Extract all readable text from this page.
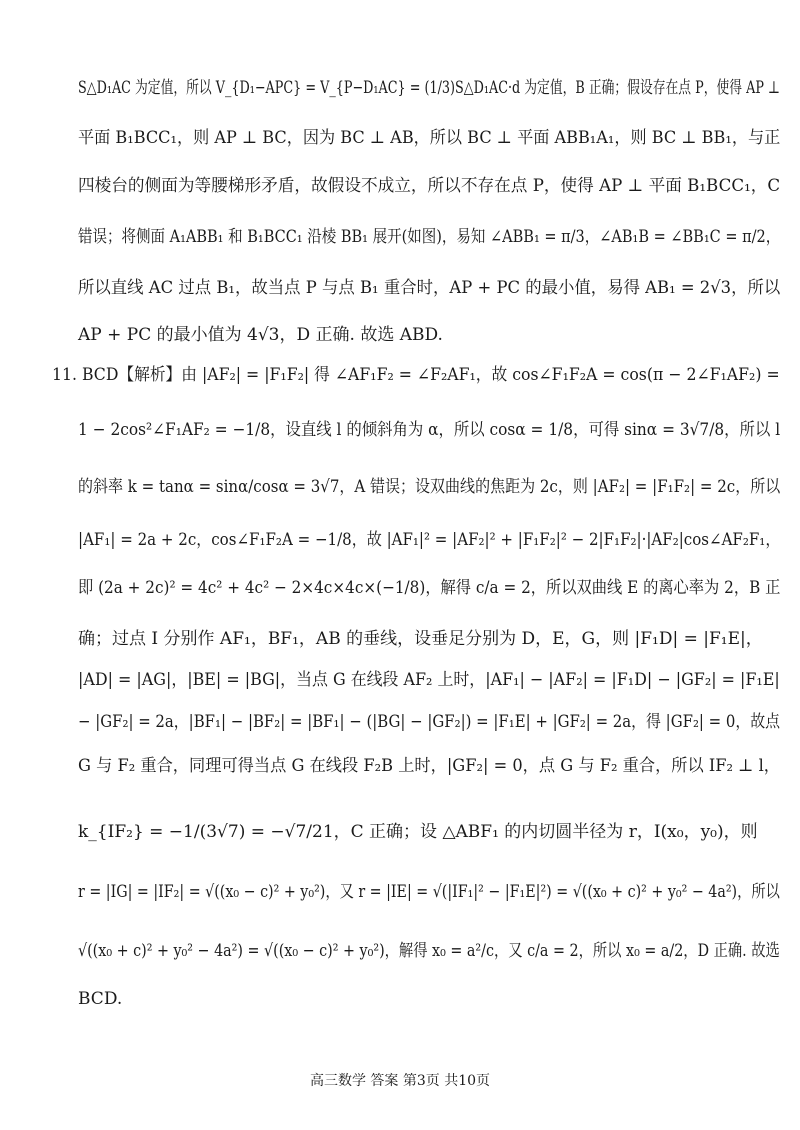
S△D₁AC 为定值，所以 V_{D₁−APC} = V_{P−D₁AC} = (1/3)S△D₁AC·d 为定值，B 正确；假设存在点 P，使得 AP ⊥
平面 B₁BCC₁，则 AP ⊥ BC，因为 BC ⊥ AB，所以 BC ⊥ 平面 ABB₁A₁，则 BC ⊥ BB₁，与正
四棱台的侧面为等腰梯形矛盾，故假设不成立，所以不存在点 P，使得 AP ⊥ 平面 B₁BCC₁，C
错误；将侧面 A₁ABB₁ 和 B₁BCC₁ 沿棱 BB₁ 展开(如图)，易知 ∠ABB₁ = π/3，∠AB₁B = ∠BB₁C = π/2，
所以直线 AC 过点 B₁，故当点 P 与点 B₁ 重合时，AP + PC 的最小值，易得 AB₁ = 2√3，所以
AP + PC 的最小值为 4√3，D 正确. 故选 ABD.
11. BCD【解析】由 |AF₂| = |F₁F₂| 得 ∠AF₁F₂ = ∠F₂AF₁，故 cos∠F₁F₂A = cos(π − 2∠F₁AF₂) =
1 − 2cos²∠F₁AF₂ = −1/8，设直线 l 的倾斜角为 α，所以 cosα = 1/8，可得 sinα = 3√7/8，所以 l
的斜率 k = tanα = sinα/cosα = 3√7，A 错误；设双曲线的焦距为 2c，则 |AF₂| = |F₁F₂| = 2c，所以
|AF₁| = 2a + 2c，cos∠F₁F₂A = −1/8，故 |AF₁|² = |AF₂|² + |F₁F₂|² − 2|F₁F₂|·|AF₂|cos∠AF₂F₁，
即 (2a + 2c)² = 4c² + 4c² − 2×4c×4c×(−1/8)，解得 c/a = 2，所以双曲线 E 的离心率为 2，B 正
确；过点 I 分别作 AF₁，BF₁，AB 的垂线，设垂足分别为 D，E，G，则 |F₁D| = |F₁E|，
|AD| = |AG|，|BE| = |BG|，当点 G 在线段 AF₂ 上时，|AF₁| − |AF₂| = |F₁D| − |GF₂| = |F₁E|
− |GF₂| = 2a，|BF₁| − |BF₂| = |BF₁| − (|BG| − |GF₂|) = |F₁E| + |GF₂| = 2a，得 |GF₂| = 0，故点
G 与 F₂ 重合，同理可得当点 G 在线段 F₂B 上时，|GF₂| = 0，点 G 与 F₂ 重合，所以 IF₂ ⊥ l，
k_{IF₂} = −1/(3√7) = −√7/21，C 正确；设 △ABF₁ 的内切圆半径为 r，I(x₀，y₀)，则
r = |IG| = |IF₂| = √((x₀ − c)² + y₀²)，又 r = |IE| = √(|IF₁|² − |F₁E|²) = √((x₀ + c)² + y₀² − 4a²)，所以
√((x₀ + c)² + y₀² − 4a²) = √((x₀ − c)² + y₀²)，解得 x₀ = a²/c，又 c/a = 2，所以 x₀ = a/2，D 正确. 故选
BCD.
高三数学 答案 第3页 共10页
